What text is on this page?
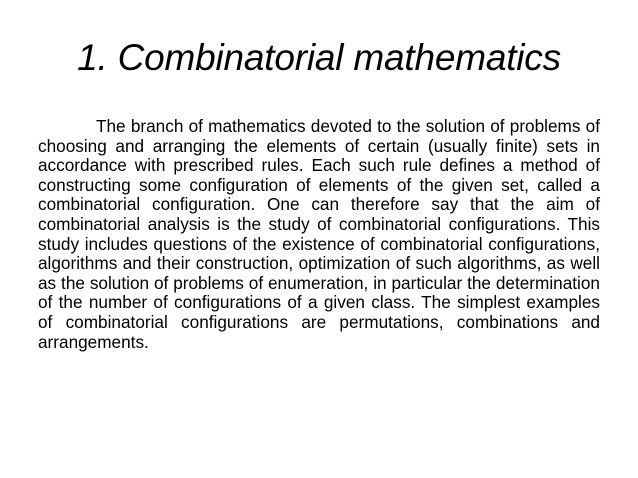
1. Combinatorial mathematics

The branch of mathematics devoted to the solution of problems of choosing and arranging the elements of certain (usually finite) sets in accordance with prescribed rules. Each such rule defines a method of constructing some configuration of elements of the given set, called a combinatorial configuration. One can therefore say that the aim of combinatorial analysis is the study of combinatorial configurations. This study includes questions of the existence of combinatorial configurations, algorithms and their construction, optimization of such algorithms, as well as the solution of problems of enumeration, in particular the determination of the number of configurations of a given class. The simplest examples of combinatorial configurations are permutations, combinations and arrangements.
